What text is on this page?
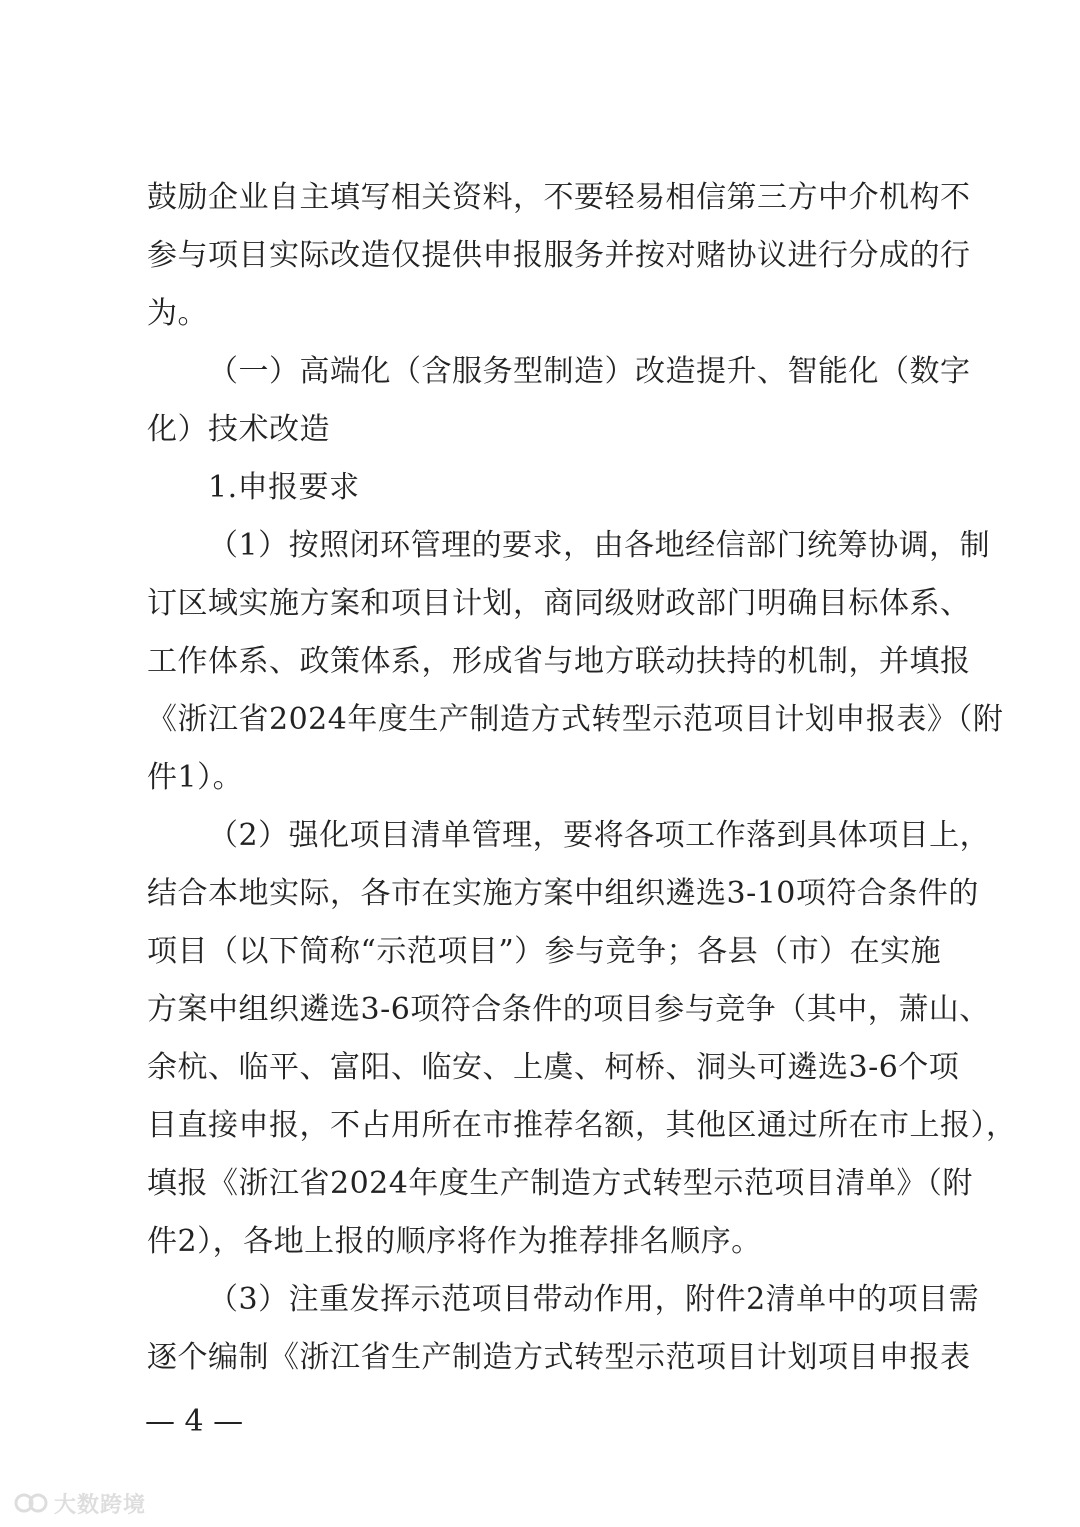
鼓励企业自主填写相关资料，不要轻易相信第三方中介机构不
参与项目实际改造仅提供申报服务并按对赌协议进行分成的行
为。
（一）高端化（含服务型制造）改造提升、智能化（数字
化）技术改造
1.申报要求
（1）按照闭环管理的要求，由各地经信部门统筹协调，制
订区域实施方案和项目计划，商同级财政部门明确目标体系、
工作体系、政策体系，形成省与地方联动扶持的机制，并填报
《浙江省2024年度生产制造方式转型示范项目计划申报表》（附
件1）。
（2）强化项目清单管理，要将各项工作落到具体项目上，
结合本地实际，各市在实施方案中组织遴选3-10项符合条件的
项目（以下简称“示范项目”）参与竞争；各县（市）在实施
方案中组织遴选3-6项符合条件的项目参与竞争（其中，萧山、
余杭、临平、富阳、临安、上虞、柯桥、洞头可遴选3-6个项
目直接申报，不占用所在市推荐名额，其他区通过所在市上报），
填报《浙江省2024年度生产制造方式转型示范项目清单》（附
件2），各地上报的顺序将作为推荐排名顺序。
（3）注重发挥示范项目带动作用，附件2清单中的项目需
逐个编制《浙江省生产制造方式转型示范项目计划项目申报表
— 4 —
大数跨境
